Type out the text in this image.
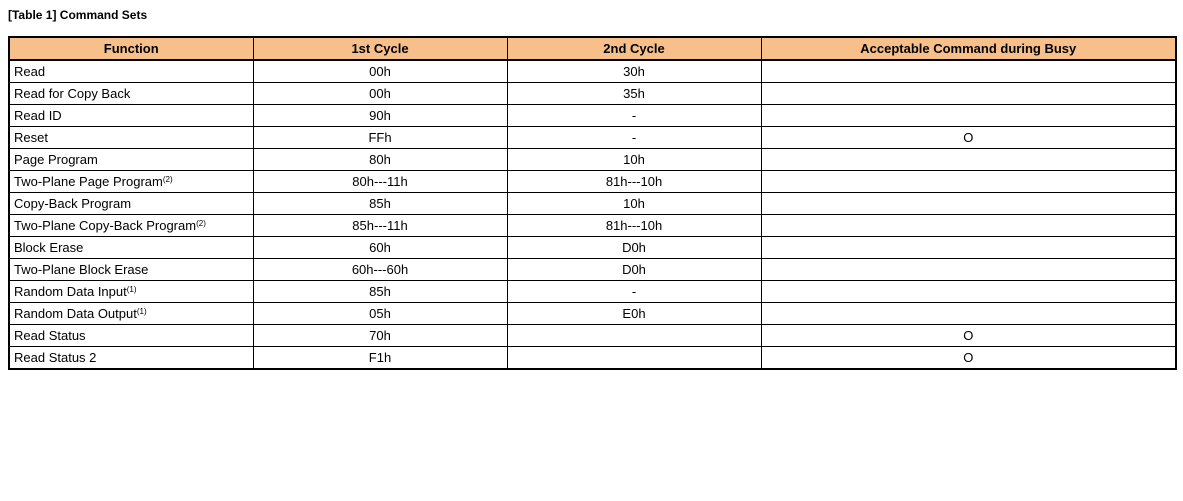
[Table 1] Command Sets
Function	1st Cycle	2nd Cycle	Acceptable Command during Busy
Read	00h	30h	
Read for Copy Back	00h	35h	
Read ID	90h	-	
Reset	FFh	-	O
Page Program	80h	10h	
Two-Plane Page Program$^{(2)}$	80h---11h	81h---10h	
Copy-Back Program	85h	10h	
Two-Plane Copy-Back Program$^{(2)}$	85h---11h	81h---10h	
Block Erase	60h	D0h	
Two-Plane Block Erase	60h---60h	D0h	
Random Data Input$^{(1)}$	85h	-	
Random Data Output$^{(1)}$	05h	E0h	
Read Status	70h		O
Read Status 2	F1h		O
